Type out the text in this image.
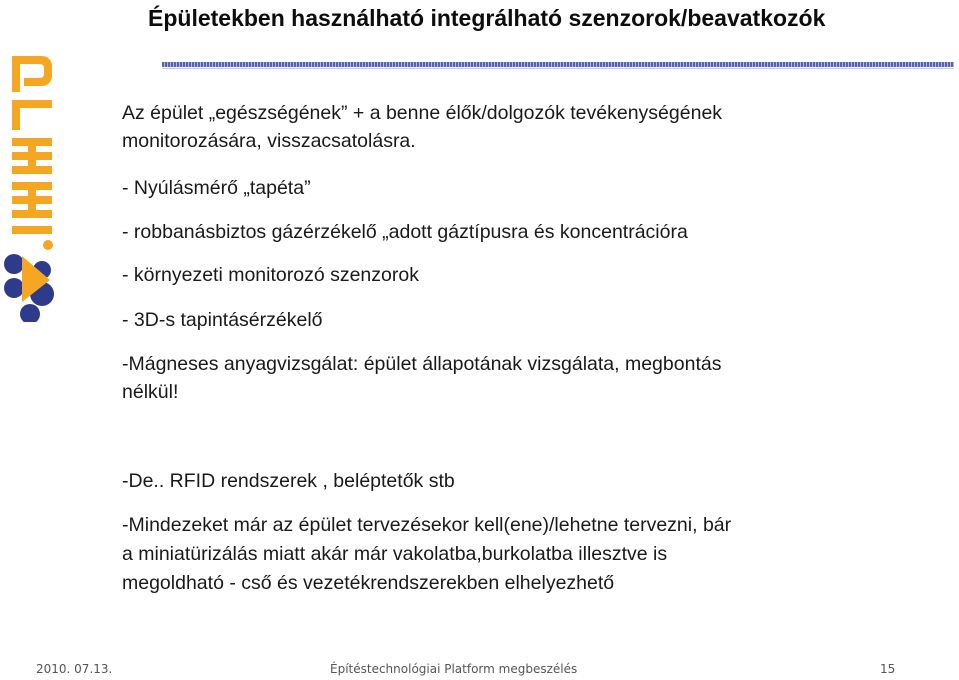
Épületekben használható integrálható szenzorok/beavatkozók
Az épület „egészségének” + a benne élők/dolgozók tevékenységének
monitorozására, visszacsatolásra.
- Nyúlásmérő „tapéta”
- robbanásbiztos gázérzékelő „adott gáztípusra és koncentrációra
- környezeti monitorozó szenzorok
- 3D-s tapintásérzékelő
-Mágneses anyagvizsgálat: épület állapotának vizsgálata, megbontás
nélkül!
-De.. RFID rendszerek , beléptetők stb
-Mindezeket már az épület tervezésekor kell(ene)/lehetne tervezni, bár
a miniatürizálás miatt akár már vakolatba,burkolatba illesztve is
megoldható - cső és vezetékrendszerekben elhelyezhető
2010. 07.13.	Építéstechnológiai Platform megbeszélés	15
